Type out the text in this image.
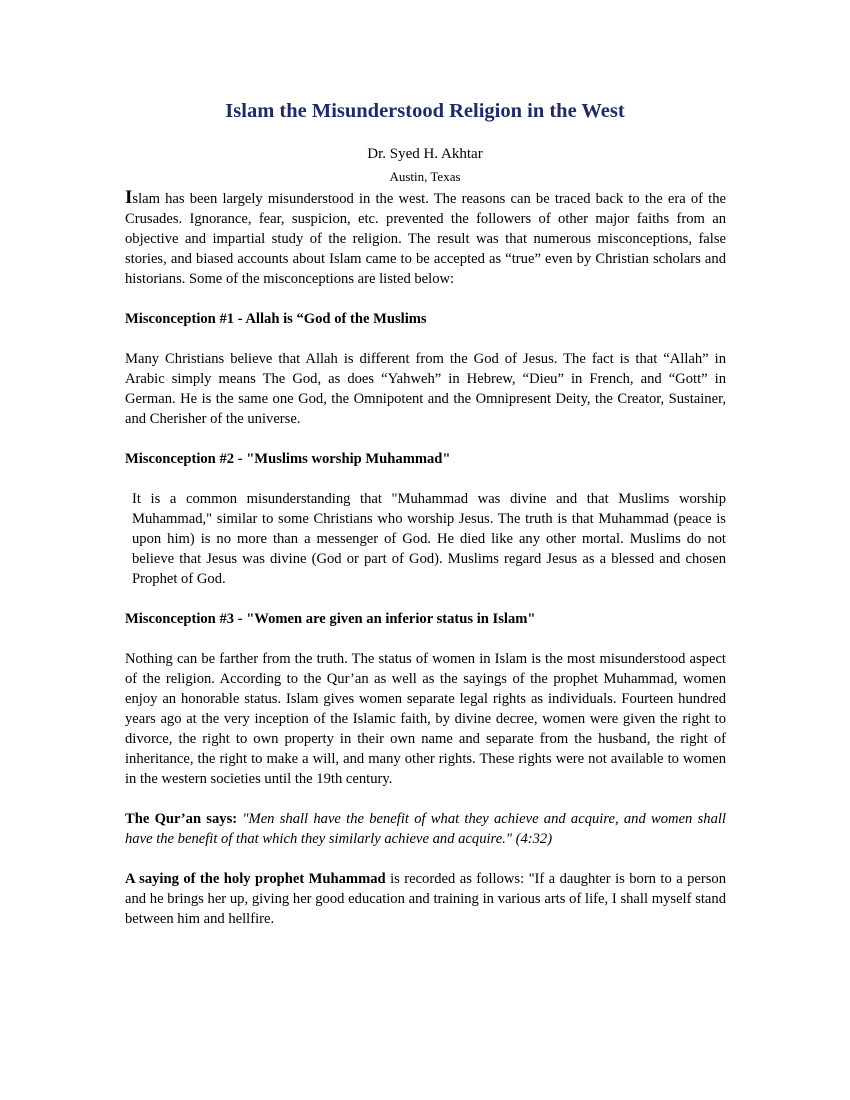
Islam the Misunderstood Religion in the West
Dr. Syed H. Akhtar
Austin, Texas

Islam has been largely misunderstood in the west. The reasons can be traced back to the era of the Crusades. Ignorance, fear, suspicion, etc. prevented the followers of other major faiths from an objective and impartial study of the religion. The result was that numerous misconceptions, false stories, and biased accounts about Islam came to be accepted as “true” even by Christian scholars and historians. Some of the misconceptions are listed below:

Misconception #1 - Allah is “God of the Muslims

Many Christians believe that Allah is different from the God of Jesus. The fact is that “Allah” in Arabic simply means The God, as does “Yahweh” in Hebrew, “Dieu” in French, and “Gott” in German. He is the same one God, the Omnipotent and the Omnipresent Deity, the Creator, Sustainer, and Cherisher of the universe.

Misconception #2 - "Muslims worship Muhammad"

It is a common misunderstanding that "Muhammad was divine and that Muslims worship Muhammad," similar to some Christians who worship Jesus. The truth is that Muhammad (peace is upon him) is no more than a messenger of God. He died like any other mortal. Muslims do not believe that Jesus was divine (God or part of God). Muslims regard Jesus as a blessed and chosen Prophet of God.

Misconception #3 - "Women are given an inferior status in Islam"

Nothing can be farther from the truth. The status of women in Islam is the most misunderstood aspect of the religion. According to the Qur’an as well as the sayings of the prophet Muhammad, women enjoy an honorable status. Islam gives women separate legal rights as individuals. Fourteen hundred years ago at the very inception of the Islamic faith, by divine decree, women were given the right to divorce, the right to own property in their own name and separate from the husband, the right of inheritance, the right to make a will, and many other rights. These rights were not available to women in the western societies until the 19th century.

The Qur’an says: "Men shall have the benefit of what they achieve and acquire, and women shall have the benefit of that which they similarly achieve and acquire." (4:32)

A saying of the holy prophet Muhammad is recorded as follows: "If a daughter is born to a person and he brings her up, giving her good education and training in various arts of life, I shall myself stand between him and hellfire.
